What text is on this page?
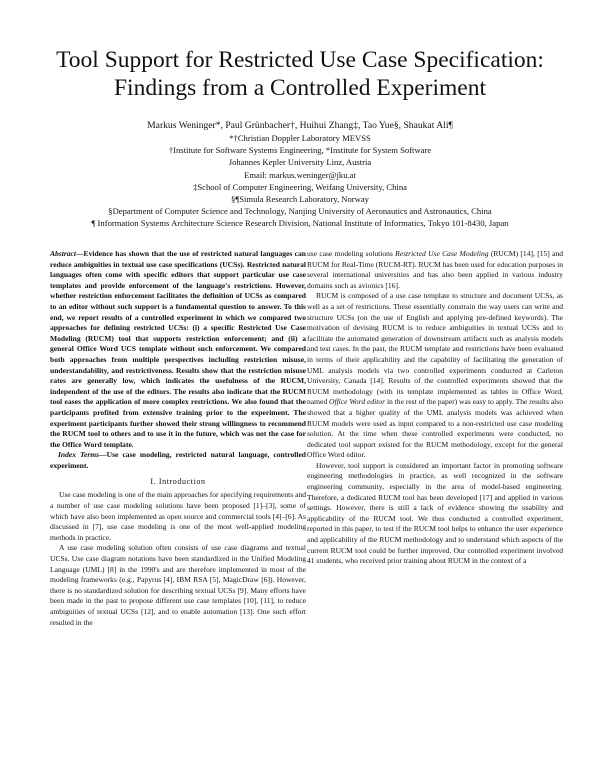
Tool Support for Restricted Use Case Specification:
Findings from a Controlled Experiment
Markus Weninger*, Paul Grünbacher†, Huihui Zhang‡, Tao Yue§, Shaukat Ali¶
*†Christian Doppler Laboratory MEVSS
†Institute for Software Systems Engineering, *Institute for System Software
Johannes Kepler University Linz, Austria
Email: markus.weninger@jku.at
‡School of Computer Engineering, Weifang University, China
§¶Simula Research Laboratory, Norway
§Department of Computer Science and Technology, Nanjing University of Aeronautics and Astronautics, China
¶ Information Systems Architecture Science Research Division, National Institute of Informatics, Tokyo 101-8430, Japan

Abstract—Evidence has shown that the use of restricted natural languages can reduce ambiguities in textual use case specifications (UCSs). Restricted natural languages often come with specific editors that support particular use case templates and provide enforcement of the language's restrictions. However, whether restriction enforcement facilitates the definition of UCSs as compared to an editor without such support is a fundamental question to answer. To this end, we report results of a controlled experiment in which we compared two approaches for defining restricted UCSs: (i) a specific Restricted Use Case Modeling (RUCM) tool that supports restriction enforcement; and (ii) a general Office Word UCS template without such enforcement. We compared both approaches from multiple perspectives including restriction misuse, understandability, and restrictiveness. Results show that the restriction misuse rates are generally low, which indicates the usefulness of the RUCM, independent of the use of the editors. The results also indicate that the RUCM tool eases the application of more complex restrictions. We also found that the participants profited from extensive training prior to the experiment. The experiment participants further showed their strong willingness to recommend the RUCM tool to others and to use it in the future, which was not the case for the Office Word template.

Index Terms—Use case modeling, restricted natural language, controlled experiment.

I. Introduction

Use case modeling is one of the main approaches for specifying requirements and a number of use case modeling solutions have been proposed [1]–[3], some of which have also been implemented as open source and commercial tools [4]–[6]. As discussed in [7], use case modeling is one of the most well-applied modeling methods in practice.

A use case modeling solution often consists of use case diagrams and textual UCSs. Use case diagram notations have been standardized in the Unified Modeling Language (UML) [8] in the 1990's and are therefore implemented in most of the modeling frameworks (e.g., Papyrus [4], IBM RSA [5], MagicDraw [6]). However, there is no standardized solution for describing textual UCSs [9]. Many efforts have been made in the past to propose different use case templates [10], [11], to reduce ambiguities of textual UCSs [12], and to enable automation [13]. One such effort resulted in the

use case modeling solutions Restricted Use Case Modeling (RUCM) [14], [15] and RUCM for Real-Time (RUCM-RT). RUCM has been used for education purposes in several international universities and has also been applied in various industry domains such as avionics [16].

RUCM is composed of a use case template to structure and document UCSs, as well as a set of restrictions. These essentially constrain the way users can write and structure UCSs (on the use of English and applying pre-defined keywords). The motivation of devising RUCM is to reduce ambiguities in textual UCSs and to facilitate the automated generation of downstream artifacts such as analysis models and test cases. In the past, the RUCM template and restrictions have been evaluated in terms of their applicability and the capability of facilitating the generation of UML analysis models via two controlled experiments conducted at Carleton University, Canada [14]. Results of the controlled experiments showed that the RUCM methodology (with its template implemented as tables in Office Word, named Office Word editor in the rest of the paper) was easy to apply. The results also showed that a higher quality of the UML analysis models was achieved when RUCM models were used as input compared to a non-restricted use case modeling solution. At the time when these controlled experiments were conducted, no dedicated tool support existed for the RUCM methodology, except for the general Office Word editor.

However, tool support is considered an important factor in promoting software engineering methodologies in practice, as well recognized in the software engineering community, especially in the area of model-based engineering. Therefore, a dedicated RUCM tool has been developed [17] and applied in various settings. However, there is still a lack of evidence showing the usability and applicability of the RUCM tool. We thus conducted a controlled experiment, reported in this paper, to test if the RUCM tool helps to enhance the user experience and applicability of the RUCM methodology and to understand which aspects of the current RUCM tool could be further improved. Our controlled experiment involved 41 students, who received prior training about RUCM in the context of a
